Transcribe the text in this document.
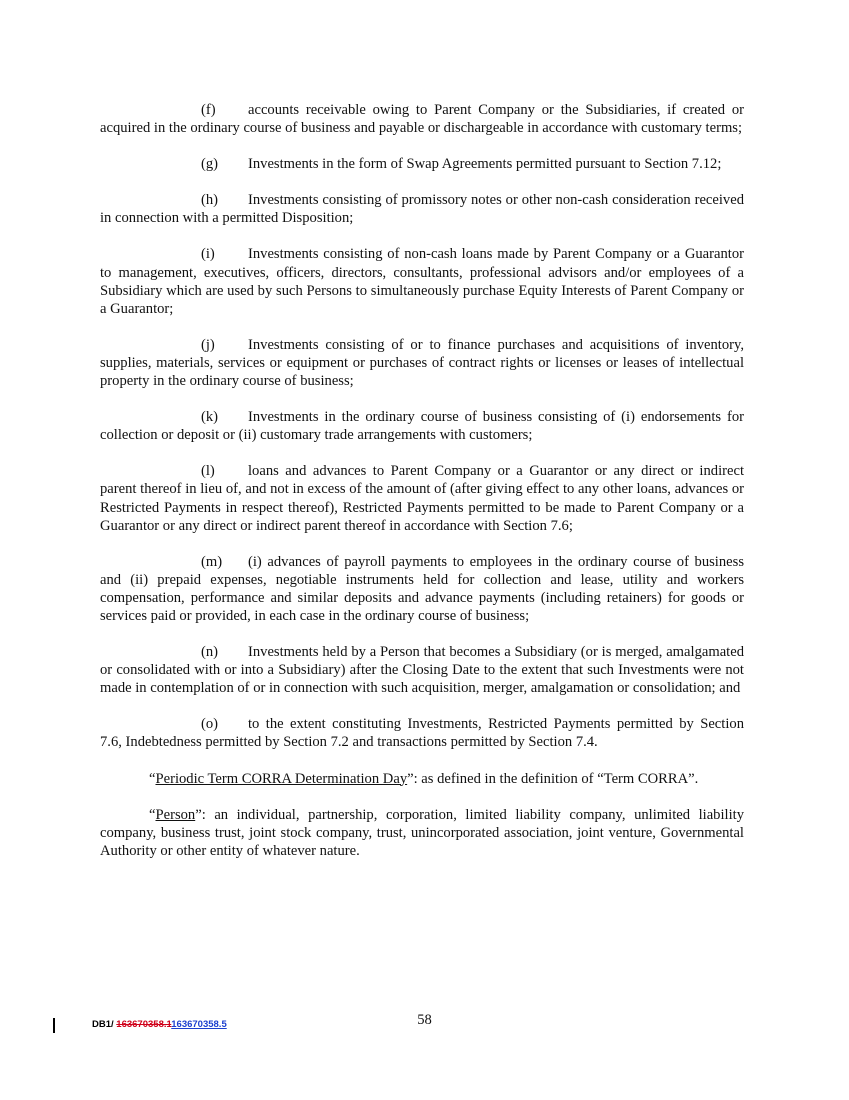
(f) accounts receivable owing to Parent Company or the Subsidiaries, if created or acquired in the ordinary course of business and payable or dischargeable in accordance with customary terms;

(g) Investments in the form of Swap Agreements permitted pursuant to Section 7.12;

(h) Investments consisting of promissory notes or other non-cash consideration received in connection with a permitted Disposition;

(i) Investments consisting of non-cash loans made by Parent Company or a Guarantor to management, executives, officers, directors, consultants, professional advisors and/or employees of a Subsidiary which are used by such Persons to simultaneously purchase Equity Interests of Parent Company or a Guarantor;

(j) Investments consisting of or to finance purchases and acquisitions of inventory, supplies, materials, services or equipment or purchases of contract rights or licenses or leases of intellectual property in the ordinary course of business;

(k) Investments in the ordinary course of business consisting of (i) endorsements for collection or deposit or (ii) customary trade arrangements with customers;

(l) loans and advances to Parent Company or a Guarantor or any direct or indirect parent thereof in lieu of, and not in excess of the amount of (after giving effect to any other loans, advances or Restricted Payments in respect thereof), Restricted Payments permitted to be made to Parent Company or a Guarantor or any direct or indirect parent thereof in accordance with Section 7.6;

(m) (i) advances of payroll payments to employees in the ordinary course of business and (ii) prepaid expenses, negotiable instruments held for collection and lease, utility and workers compensation, performance and similar deposits and advance payments (including retainers) for goods or services paid or provided, in each case in the ordinary course of business;

(n) Investments held by a Person that becomes a Subsidiary (or is merged, amalgamated or consolidated with or into a Subsidiary) after the Closing Date to the extent that such Investments were not made in contemplation of or in connection with such acquisition, merger, amalgamation or consolidation; and

(o) to the extent constituting Investments, Restricted Payments permitted by Section 7.6, Indebtedness permitted by Section 7.2 and transactions permitted by Section 7.4.

“Periodic Term CORRA Determination Day”: as defined in the definition of “Term CORRA”.

“Person”: an individual, partnership, corporation, limited liability company, unlimited liability company, business trust, joint stock company, trust, unincorporated association, joint venture, Governmental Authority or other entity of whatever nature.

58
DB1/ 163670358.1163670358.5
